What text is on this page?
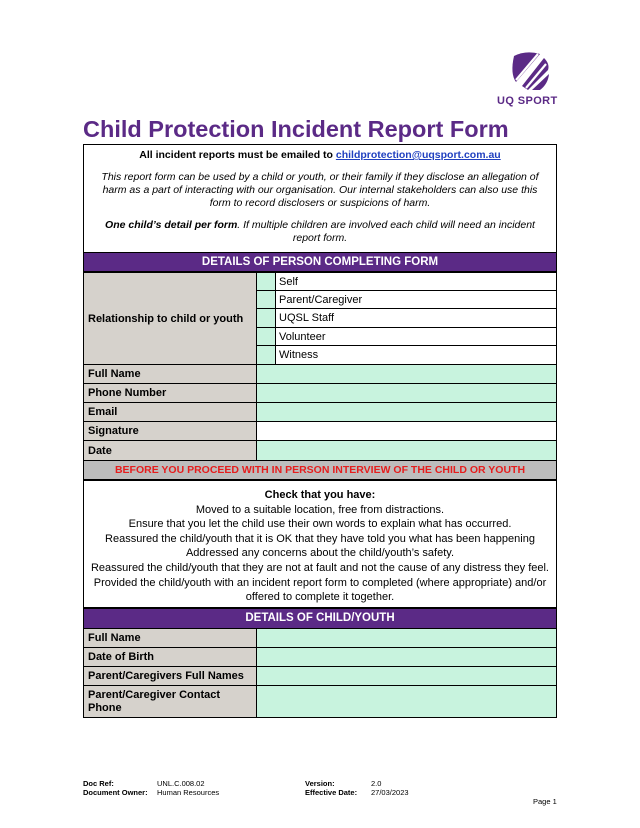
UQ SPORT
Child Protection Incident Report Form

All incident reports must be emailed to childprotection@uqsport.com.au

This report form can be used by a child or youth, or their family if they disclose an allegation of harm as a part of interacting with our organisation. Our internal stakeholders can also use this form to record disclosers or suspicions of harm.

One child’s detail per form. If multiple children are involved each child will need an incident report form.

DETAILS OF PERSON COMPLETING FORM
Relationship to child or youth
Self
Parent/Caregiver
UQSL Staff
Volunteer
Witness
Full Name
Phone Number
Email
Signature
Date
BEFORE YOU PROCEED WITH IN PERSON INTERVIEW OF THE CHILD OR YOUTH
Check that you have:
Moved to a suitable location, free from distractions.
Ensure that you let the child use their own words to explain what has occurred.
Reassured the child/youth that it is OK that they have told you what has been happening
Addressed any concerns about the child/youth’s safety.
Reassured the child/youth that they are not at fault and not the cause of any distress they feel.
Provided the child/youth with an incident report form to completed (where appropriate) and/or
offered to complete it together.
DETAILS OF CHILD/YOUTH
Full Name
Date of Birth
Parent/Caregivers Full Names
Parent/Caregiver Contact Phone
Doc Ref:	UNL.C.008.02
Document Owner: Human Resources
Version:	2.0
Effective Date: 27/03/2023
Page 1
